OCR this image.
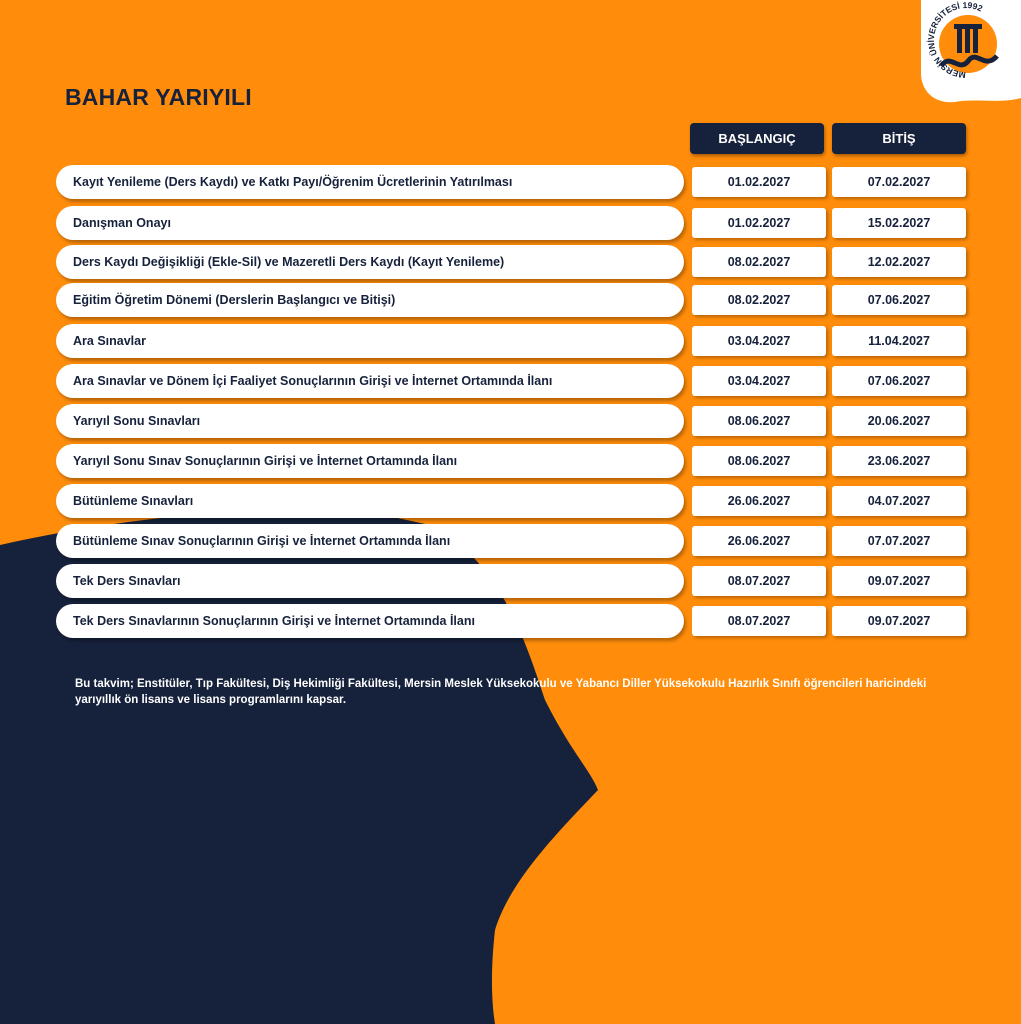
MERSİN ÜNİVERSİTESİ 1992
BAHAR YARIYILI
BAŞLANGIÇ	BİTİŞ
Kayıt Yenileme (Ders Kaydı) ve Katkı Payı/Öğrenim Ücretlerinin Yatırılması	01.02.2027	07.02.2027
Danışman Onayı	01.02.2027	15.02.2027
Ders Kaydı Değişikliği (Ekle-Sil) ve Mazeretli Ders Kaydı (Kayıt Yenileme)	08.02.2027	12.02.2027
Eğitim Öğretim Dönemi (Derslerin Başlangıcı ve Bitişi)	08.02.2027	07.06.2027
Ara Sınavlar	03.04.2027	11.04.2027
Ara Sınavlar ve Dönem İçi Faaliyet Sonuçlarının Girişi ve İnternet Ortamında İlanı	03.04.2027	07.06.2027
Yarıyıl Sonu Sınavları	08.06.2027	20.06.2027
Yarıyıl Sonu Sınav Sonuçlarının Girişi ve İnternet Ortamında İlanı	08.06.2027	23.06.2027
Bütünleme Sınavları	26.06.2027	04.07.2027
Bütünleme Sınav Sonuçlarının Girişi ve İnternet Ortamında İlanı	26.06.2027	07.07.2027
Tek Ders Sınavları	08.07.2027	09.07.2027
Tek Ders Sınavlarının Sonuçlarının Girişi ve İnternet Ortamında İlanı	08.07.2027	09.07.2027

Bu takvim; Enstitüler, Tıp Fakültesi, Diş Hekimliği Fakültesi, Mersin Meslek Yüksekokulu ve Yabancı Diller Yüksekokulu Hazırlık Sınıfı öğrencileri haricindeki yarıyıllık ön lisans ve lisans programlarını kapsar.
